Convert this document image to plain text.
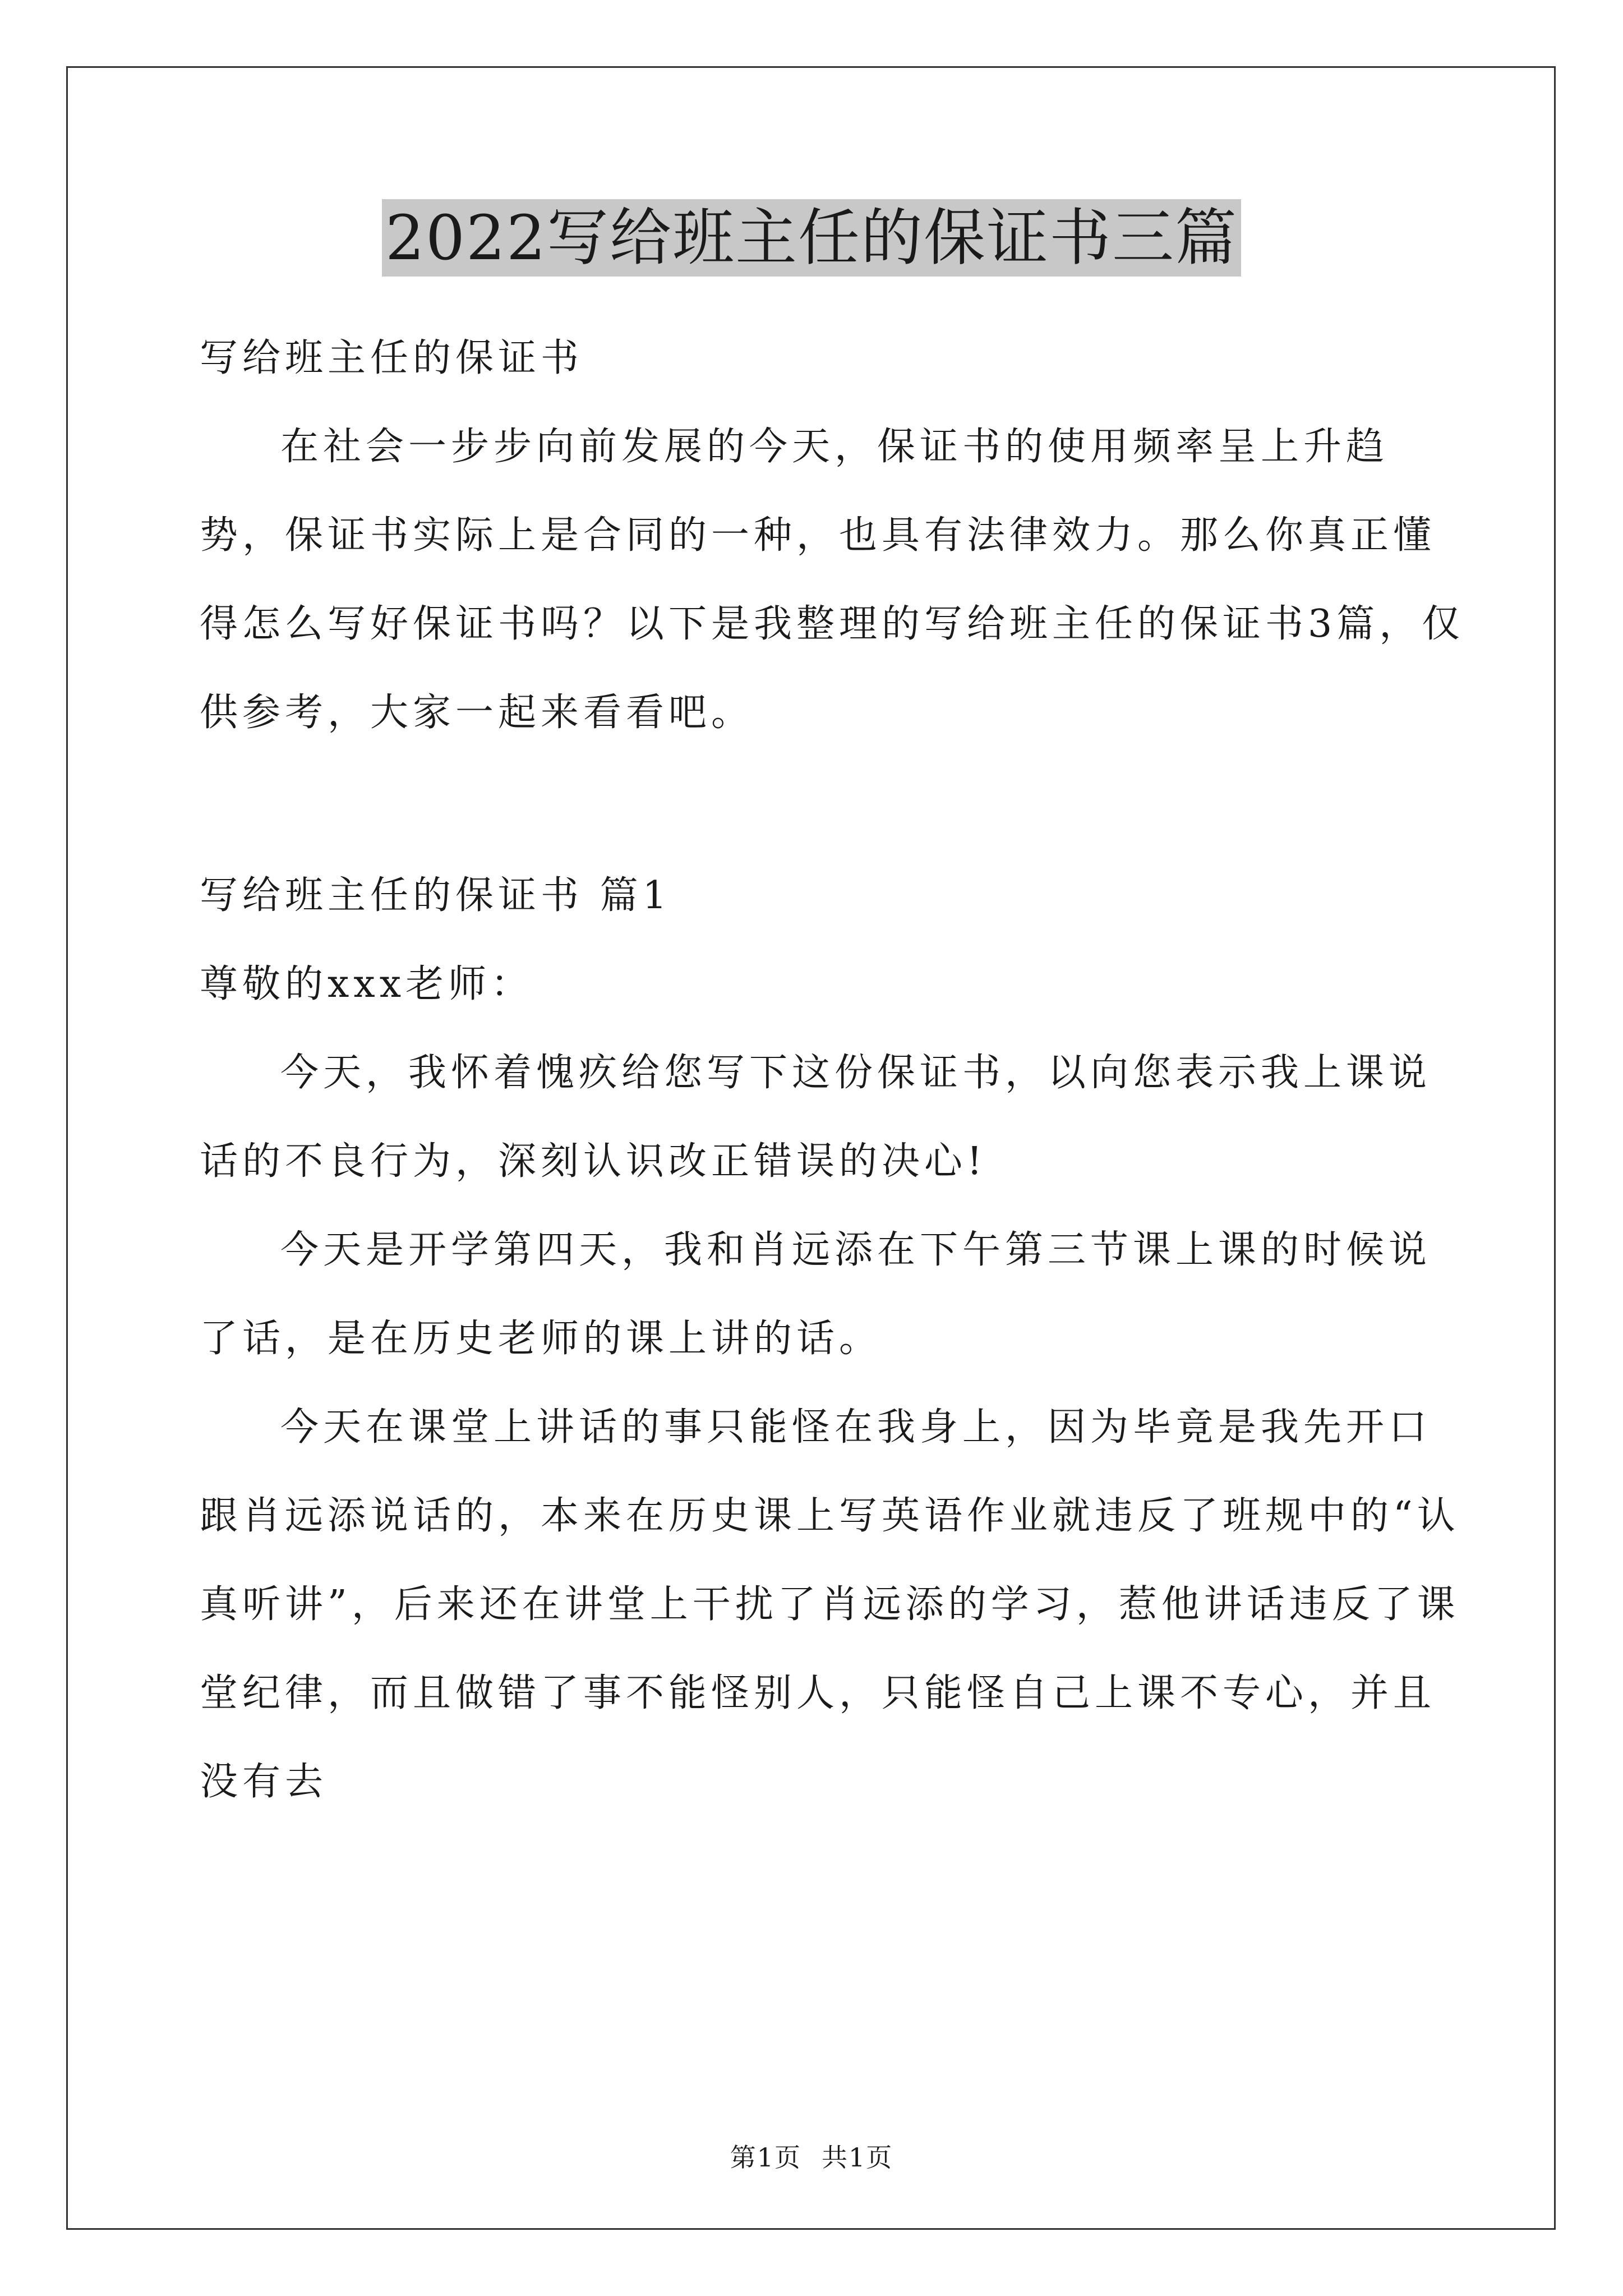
2022写给班主任的保证书三篇

写给班主任的保证书

在社会一步步向前发展的今天，保证书的使用频率呈上升趋势，保证书实际上是合同的一种，也具有法律效力。那么你真正懂得怎么写好保证书吗？以下是我整理的写给班主任的保证书3篇，仅供参考，大家一起来看看吧。

写给班主任的保证书 篇1

尊敬的xxx老师：

今天，我怀着愧疚给您写下这份保证书，以向您表示我上课说话的不良行为，深刻认识改正错误的决心!

今天是开学第四天，我和肖远添在下午第三节课上课的时候说了话，是在历史老师的课上讲的话。

今天在课堂上讲话的事只能怪在我身上，因为毕竟是我先开口跟肖远添说话的，本来在历史课上写英语作业就违反了班规中的“认真听讲”，后来还在讲堂上干扰了肖远添的学习，惹他讲话违反了课堂纪律，而且做错了事不能怪别人，只能怪自己上课不专心，并且没有去

第1页 共1页
